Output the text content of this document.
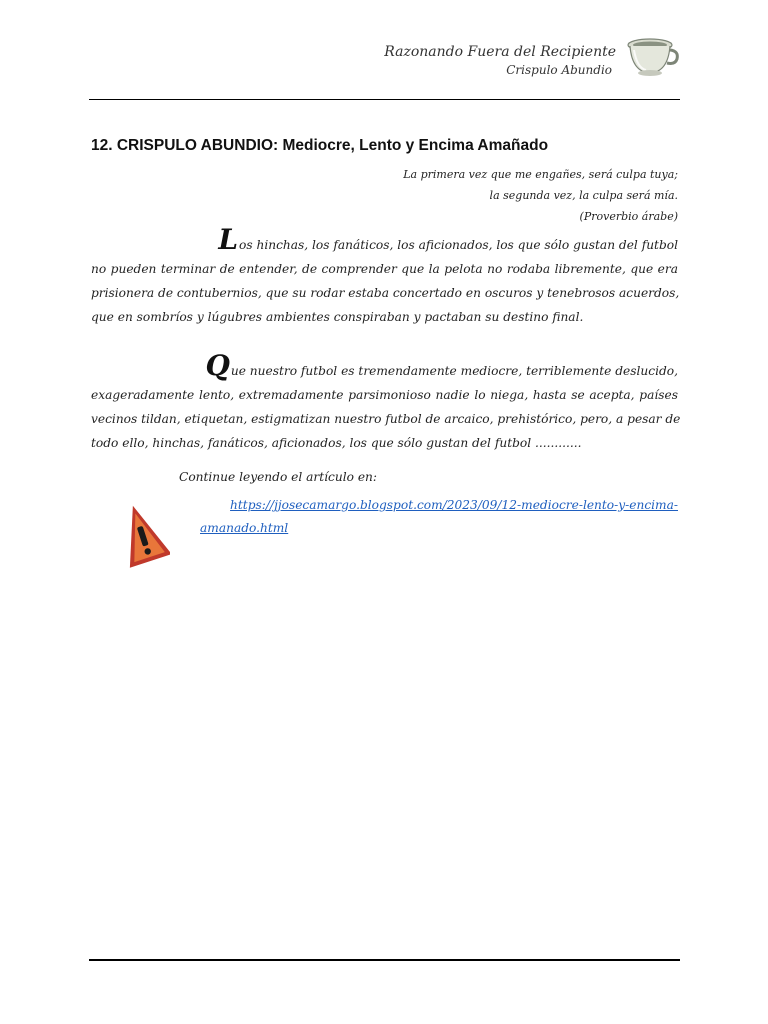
Razonando Fuera del Recipiente
Crispulo Abundio
12. CRISPULO ABUNDIO: Mediocre, Lento y Encima Amañado
La primera vez que me engañes, será culpa tuya;
la segunda vez, la culpa será mía.
(Proverbio árabe)
Los hinchas, los fanáticos, los aficionados, los que sólo gustan del futbol
no pueden terminar de entender, de comprender que la pelota no rodaba libremente, que era
prisionera de contubernios, que su rodar estaba concertado en oscuros y tenebrosos acuerdos,
que en sombríos y lúgubres ambientes conspiraban y pactaban su destino final.
Que nuestro futbol es tremendamente mediocre, terriblemente deslucido,
exageradamente lento, extremadamente parsimonioso nadie lo niega, hasta se acepta, países
vecinos tildan, etiquetan, estigmatizan nuestro futbol de arcaico, prehistórico, pero, a pesar de
todo ello, hinchas, fanáticos, aficionados, los que sólo gustan del futbol ............
Continue leyendo el artículo en:
https://jjosecamargo.blogspot.com/2023/09/12-mediocre-lento-y-encima-
amanado.html
